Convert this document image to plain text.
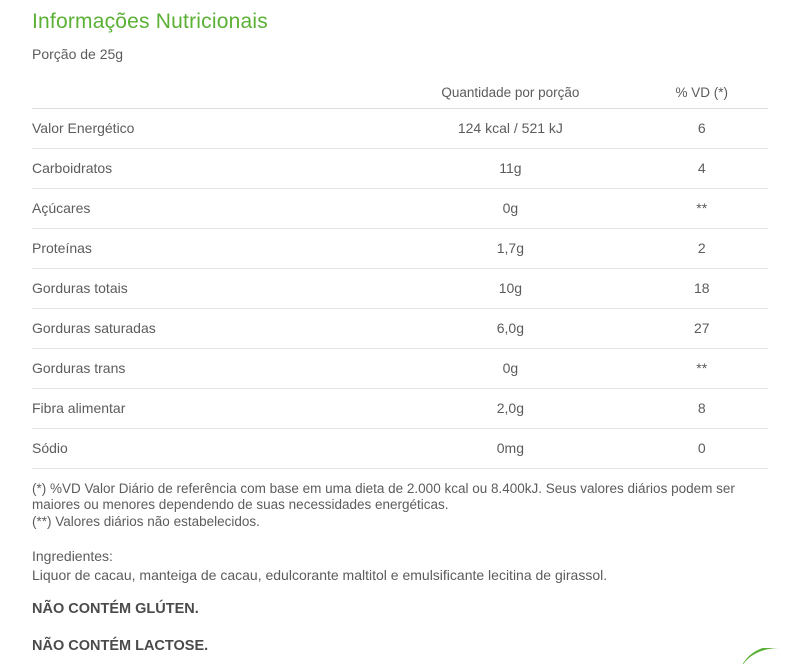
Informações Nutricionais
Porção de 25g
	Quantidade por porção	% VD (*)
Valor Energético	124 kcal / 521 kJ	6
Carboidratos	11g	4
Açúcares	0g	**
Proteínas	1,7g	2
Gorduras totais	10g	18
Gorduras saturadas	6,0g	27
Gorduras trans	0g	**
Fibra alimentar	2,0g	8
Sódio	0mg	0

(*) %VD Valor Diário de referência com base em uma dieta de 2.000 kcal ou 8.400kJ. Seus valores diários podem ser maiores ou menores dependendo de suas necessidades energéticas.

(**) Valores diários não estabelecidos.

Ingredientes:

Liquor de cacau, manteiga de cacau, edulcorante maltitol e emulsificante lecitina de girassol.

NÃO CONTÉM GLÚTEN.
NÃO CONTÉM LACTOSE.
